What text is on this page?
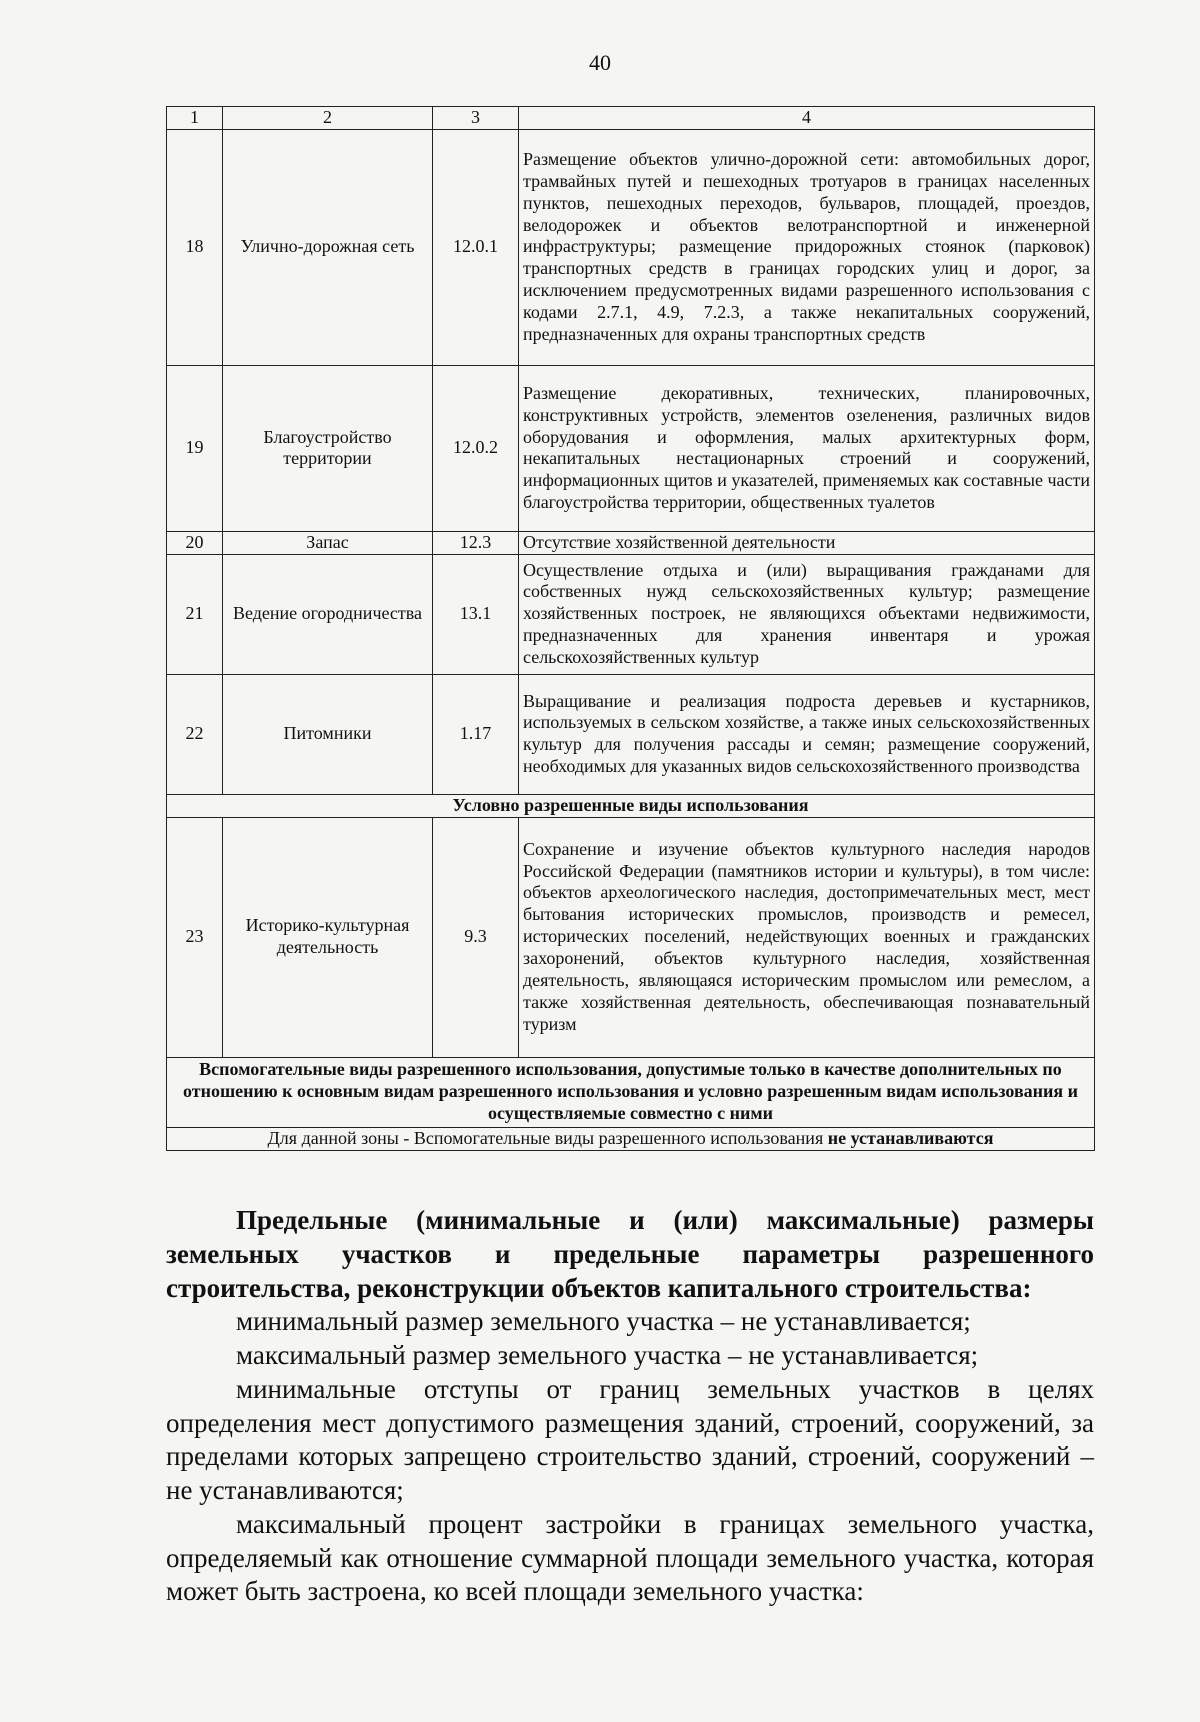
40
1	2	3	4
18	Улично-дорожная сеть	12.0.1	Размещение объектов улично-дорожной сети: автомобильных дорог, трамвайных путей и пешеходных тротуаров в границах населенных пунктов, пешеходных переходов, бульваров, площадей, проездов, велодорожек и объектов велотранспортной и инженерной инфраструктуры; размещение придорожных стоянок (парковок) транспортных средств в границах городских улиц и дорог, за исключением предусмотренных видами разрешенного использования с кодами 2.7.1, 4.9, 7.2.3, а также некапитальных сооружений, предназначенных для охраны транспортных средств
19	Благоустройство территории	12.0.2	Размещение декоративных, технических, планировочных, конструктивных устройств, элементов озеленения, различных видов оборудования и оформления, малых архитектурных форм, некапитальных нестационарных строений и сооружений, информационных щитов и указателей, применяемых как составные части благоустройства территории, общественных туалетов
20	Запас	12.3	Отсутствие хозяйственной деятельности
21	Ведение огородничества	13.1	Осуществление отдыха и (или) выращивания гражданами для собственных нужд сельскохозяйственных культур; размещение хозяйственных построек, не являющихся объектами недвижимости, предназначенных для хранения инвентаря и урожая сельскохозяйственных культур
22	Питомники	1.17	Выращивание и реализация подроста деревьев и кустарников, используемых в сельском хозяйстве, а также иных сельскохозяйственных культур для получения рассады и семян; размещение сооружений, необходимых для указанных видов сельскохозяйственного производства
Условно разрешенные виды использования			
23	Историко-культурная деятельность	9.3	Сохранение и изучение объектов культурного наследия народов Российской Федерации (памятников истории и культуры), в том числе: объектов археологического наследия, достопримечательных мест, мест бытования исторических промыслов, производств и ремесел, исторических поселений, недействующих военных и гражданских захоронений, объектов культурного наследия, хозяйственная деятельность, являющаяся историческим промыслом или ремеслом, а также хозяйственная деятельность, обеспечивающая познавательный туризм
Вспомогательные виды разрешенного использования, допустимые только в качестве дополнительных по отношению к основным видам разрешенного использования и условно разрешенным видам использования и осуществляемые совместно с ними			
Для данной зоны - Вспомогательные виды разрешенного использования не устанавливаются			

Предельные (минимальные и (или) максимальные) размеры земельных участков и предельные параметры разрешенного строительства, реконструкции объектов капитального строительства:

минимальный размер земельного участка – не устанавливается;

максимальный размер земельного участка – не устанавливается;

минимальные отступы от границ земельных участков в целях определения мест допустимого размещения зданий, строений, сооружений, за пределами которых запрещено строительство зданий, строений, сооружений – не устанавливаются;

максимальный процент застройки в границах земельного участка, определяемый как отношение суммарной площади земельного участка, которая может быть застроена, ко всей площади земельного участка:
